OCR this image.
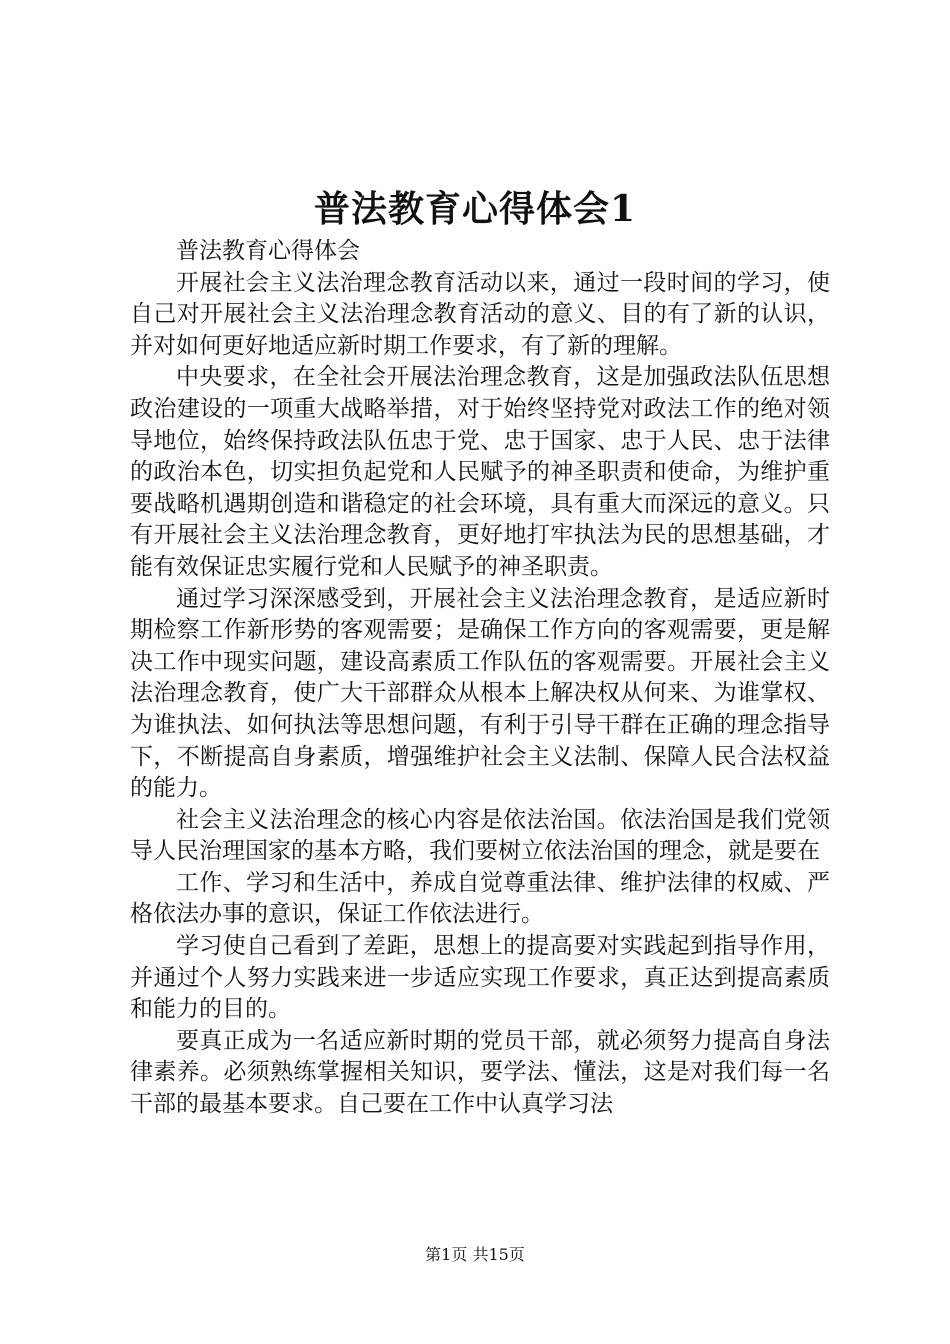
普法教育心得体会1

普法教育心得体会

开展社会主义法治理念教育活动以来，通过一段时间的学习，使自己对开展社会主义法治理念教育活动的意义、目的有了新的认识，并对如何更好地适应新时期工作要求，有了新的理解。

中央要求，在全社会开展法治理念教育，这是加强政法队伍思想政治建设的一项重大战略举措，对于始终坚持党对政法工作的绝对领导地位，始终保持政法队伍忠于党、忠于国家、忠于人民、忠于法律的政治本色，切实担负起党和人民赋予的神圣职责和使命，为维护重要战略机遇期创造和谐稳定的社会环境，具有重大而深远的意义。只有开展社会主义法治理念教育，更好地打牢执法为民的思想基础，才能有效保证忠实履行党和人民赋予的神圣职责。

通过学习深深感受到，开展社会主义法治理念教育，是适应新时期检察工作新形势的客观需要；是确保工作方向的客观需要，更是解决工作中现实问题，建设高素质工作队伍的客观需要。开展社会主义法治理念教育，使广大干部群众从根本上解决权从何来、为谁掌权、为谁执法、如何执法等思想问题，有利于引导干群在正确的理念指导下，不断提高自身素质，增强维护社会主义法制、保障人民合法权益的能力。

社会主义法治理念的核心内容是依法治国。依法治国是我们党领导人民治理国家的基本方略，我们要树立依法治国的理念，就是要在

工作、学习和生活中，养成自觉尊重法律、维护法律的权威、严格依法办事的意识，保证工作依法进行。

学习使自己看到了差距，思想上的提高要对实践起到指导作用，并通过个人努力实践来进一步适应实现工作要求，真正达到提高素质和能力的目的。

要真正成为一名适应新时期的党员干部，就必须努力提高自身法律素养。必须熟练掌握相关知识，要学法、懂法，这是对我们每一名干部的最基本要求。自己要在工作中认真学习法

第1页 共15页
